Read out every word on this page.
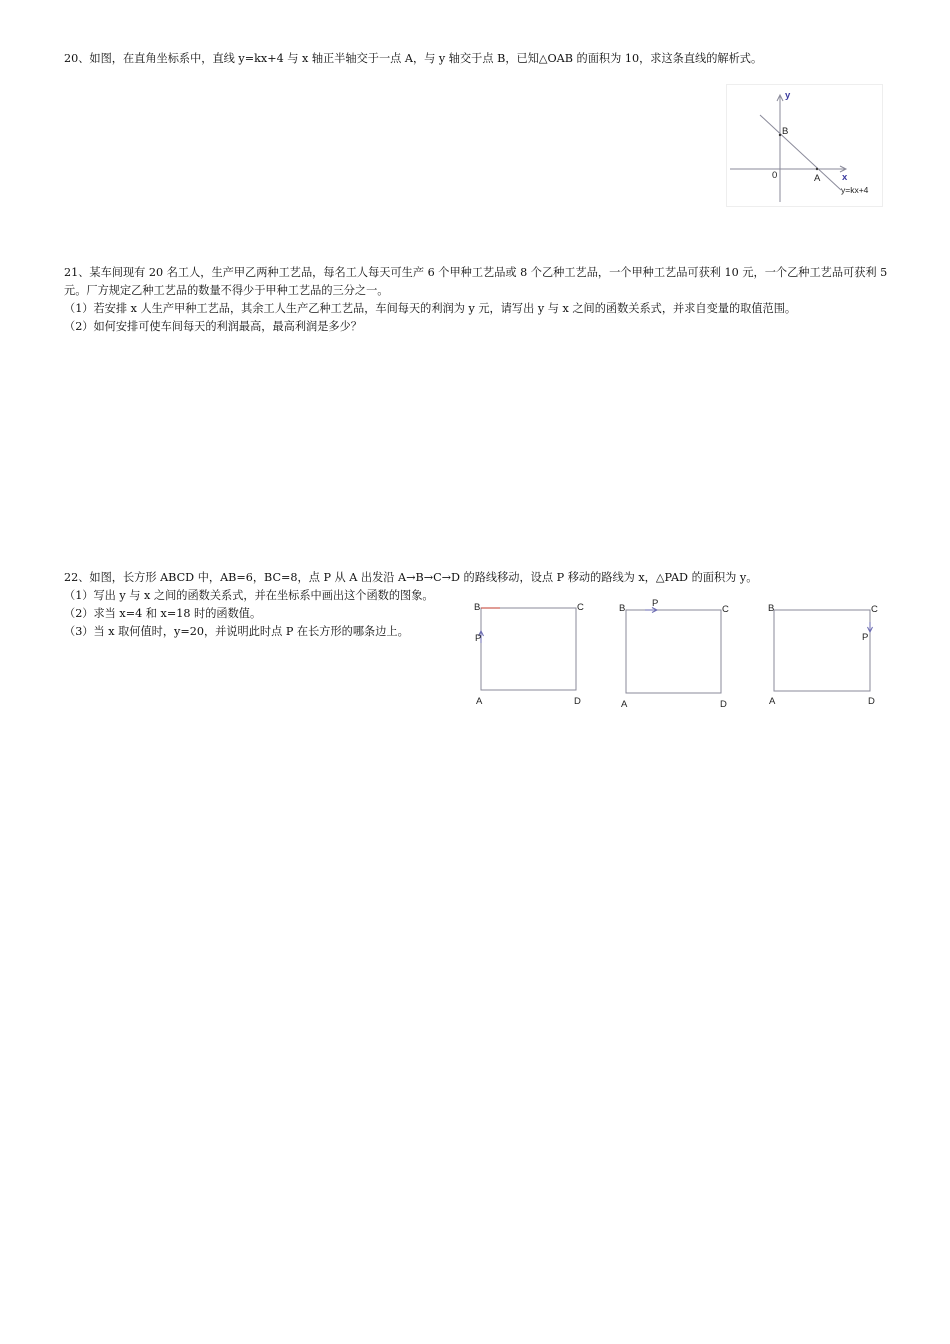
20、如图，在直角坐标系中，直线 y=kx+4 与 x 轴正半轴交于一点 A，与 y 轴交于点 B，已知△OAB 的面积为 10，求这条直线的解析式。

y
x
0	A
B
y=kx+4

21、某车间现有 20 名工人，生产甲乙两种工艺品，每名工人每天可生产 6 个甲种工艺品或 8 个乙种工艺品，一个甲种工艺品可获利 10 元，一个乙种工艺品可获利 5 元。厂方规定乙种工艺品的数量不得少于甲种工艺品的三分之一。

（1）若安排 x 人生产甲种工艺品，其余工人生产乙种工艺品，车间每天的利润为 y 元，请写出 y 与 x 之间的函数关系式，并求自变量的取值范围。

（2）如何安排可使车间每天的利润最高，最高利润是多少？

22、如图，长方形 ABCD 中，AB=6，BC=8，点 P 从 A 出发沿 A→B→C→D 的路线移动，设点 P 移动的路线为 x，△PAD 的面积为 y。

（1）写出 y 与 x 之间的函数关系式，并在坐标系中画出这个函数的图象。

（2）求当 x=4 和 x=18 时的函数值。

（3）当 x 取何值时，y=20，并说明此时点 P 在长方形的哪条边上。

B	C
A	D
P
B	C
A	D
P	B	C
A	D
P
